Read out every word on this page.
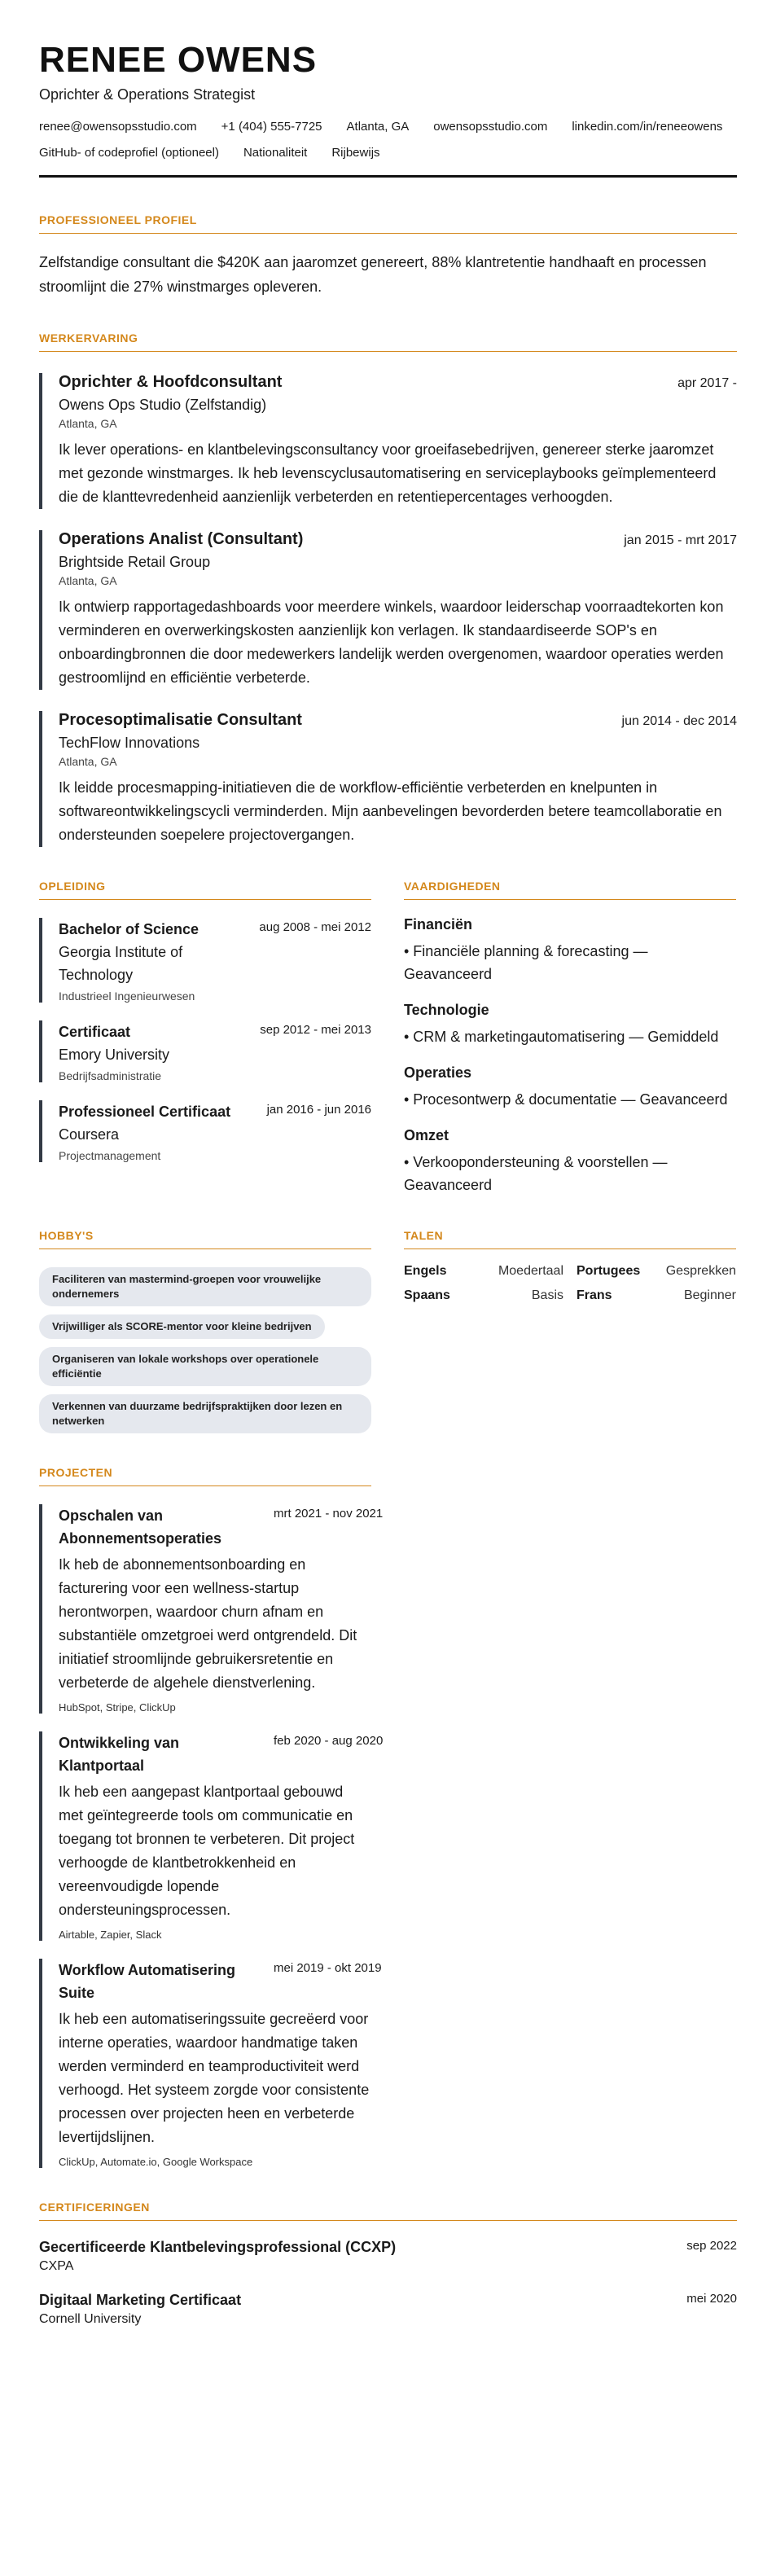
RENEE OWENS
Oprichter & Operations Strategist
renee@owensopsstudio.com +1 (404) 555-7725 Atlanta, GA owensopsstudio.com linkedin.com/in/reneeowens
GitHub- of codeprofiel (optioneel) Nationaliteit Rijbewijs
PROFESSIONEEL PROFIEL
Zelfstandige consultant die $420K aan jaaromzet genereert, 88% klantretentie handhaaft en processen stroomlijnt die 27% winstmarges opleveren.
WERKERVARING
Oprichter & Hoofdconsultant	apr 2017 -
Owens Ops Studio (Zelfstandig)
Atlanta, GA
Ik lever operations- en klantbelevingsconsultancy voor groeifasebedrijven, genereer sterke jaaromzet met gezonde winstmarges. Ik heb levenscyclusautomatisering en serviceplaybooks geïmplementeerd die de klanttevredenheid aanzienlijk verbeterden en retentiepercentages verhoogden.
Operations Analist (Consultant)	jan 2015 - mrt 2017
Brightside Retail Group
Atlanta, GA
Ik ontwierp rapportagedashboards voor meerdere winkels, waardoor leiderschap voorraadtekorten kon verminderen en overwerkingskosten aanzienlijk kon verlagen. Ik standaardiseerde SOP's en onboardingbronnen die door medewerkers landelijk werden overgenomen, waardoor operaties werden gestroomlijnd en efficiëntie verbeterde.
Procesoptimalisatie Consultant	jun 2014 - dec 2014
TechFlow Innovations
Atlanta, GA
Ik leidde procesmapping-initiatieven die de workflow-efficiëntie verbeterden en knelpunten in softwareontwikkelingscycli verminderden. Mijn aanbevelingen bevorderden betere teamcollaboratie en ondersteunden soepelere projectovergangen.
OPLEIDING
Bachelor of Science	aug 2008 - mei 2012
Georgia Institute of Technology
Industrieel Ingenieurwesen
Certificaat	sep 2012 - mei 2013
Emory University
Bedrijfsadministratie
Professioneel Certificaat	jan 2016 - jun 2016
Coursera
Projectmanagement
VAARDIGHEDEN
Financiën
• Financiële planning & forecasting — Geavanceerd
Technologie
• CRM & marketingautomatisering — Gemiddeld
Operaties
• Procesontwerp & documentatie — Geavanceerd
Omzet
• Verkoopondersteuning & voorstellen — Geavanceerd
HOBBY'S
Faciliteren van mastermind-groepen voor vrouwelijke ondernemers Vrijwilliger als SCORE-mentor voor kleine bedrijven Organiseren van lokale workshops over operationele efficiëntie Verkennen van duurzame bedrijfspraktijken door lezen en netwerken
TALEN
Engels	Moedertaal Portugees Gesprekken
Spaans	Basis Frans	Beginner
PROJECTEN
Opschalen van Abonnementsoperaties
mrt 2021 - nov 2021
Ik heb de abonnementsonboarding en facturering voor een wellness-startup herontworpen, waardoor churn afnam en substantiële omzetgroei werd ontgrendeld. Dit initiatief stroomlijnde gebruikersretentie en verbeterde de algehele dienstverlening.
HubSpot, Stripe, ClickUp
Ontwikkeling van Klantportaal
feb 2020 - aug 2020
Ik heb een aangepast klantportaal gebouwd met geïntegreerde tools om communicatie en toegang tot bronnen te verbeteren. Dit project verhoogde de klantbetrokkenheid en vereenvoudigde lopende ondersteuningsprocessen.
Airtable, Zapier, Slack
Workflow Automatisering Suite
mei 2019 - okt 2019
Ik heb een automatiseringssuite gecreëerd voor interne operaties, waardoor handmatige taken werden verminderd en teamproductiviteit werd verhoogd. Het systeem zorgde voor consistente processen over projecten heen en verbeterde levertijdslijnen.
ClickUp, Automate.io, Google Workspace
CERTIFICERINGEN
Gecertificeerde Klantbelevingsprofessional (CCXP)
CXPA
sep 2022
Digitaal Marketing Certificaat
Cornell University
mei 2020
